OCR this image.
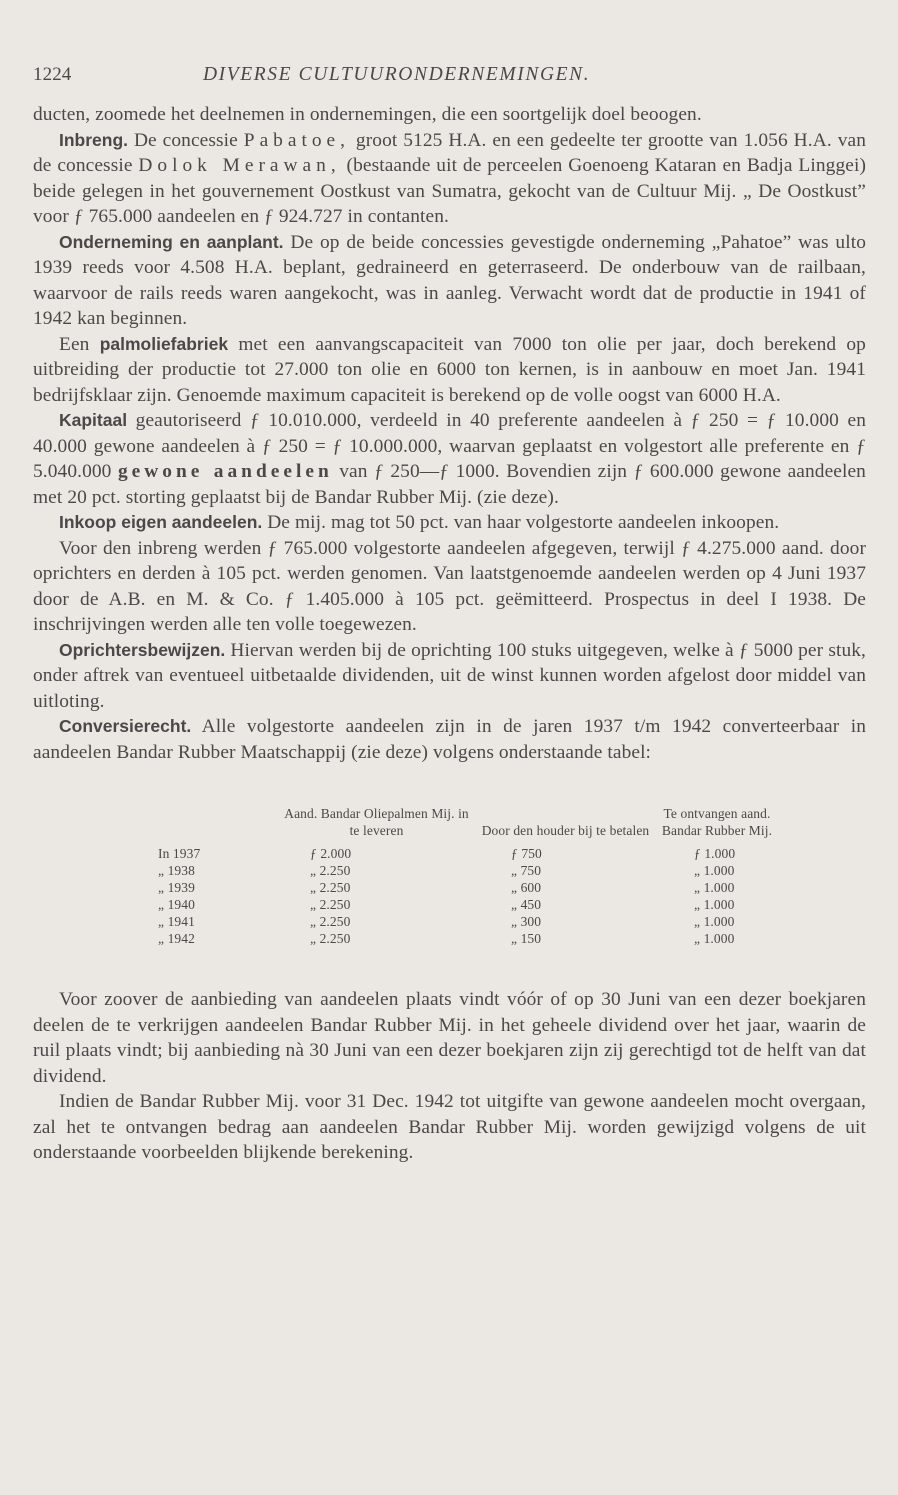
1224	DIVERSE CULTUURONDERNEMINGEN.

ducten, zoomede het deelnemen in ondernemingen, die een soortgelijk doel beoogen.

Inbreng. De concessie Pabatoe, groot 5125 H.A. en een gedeelte ter grootte van 1.056 H.A. van de concessie Dolok Merawan, (bestaande uit de perceelen Goenoeng Kataran en Badja Linggei) beide gelegen in het gouvernement Oostkust van Sumatra, gekocht van de Cultuur Mij. „ De Oostkust” voor ƒ 765.000 aandeelen en ƒ 924.727 in contanten.

Onderneming en aanplant. De op de beide concessies gevestigde onderneming „Pahatoe” was ulto 1939 reeds voor 4.508 H.A. beplant, gedraineerd en geterraseerd. De onderbouw van de railbaan, waarvoor de rails reeds waren aangekocht, was in aanleg. Verwacht wordt dat de productie in 1941 of 1942 kan beginnen.

Een palmoliefabriek met een aanvangscapaciteit van 7000 ton olie per jaar, doch berekend op uitbreiding der productie tot 27.000 ton olie en 6000 ton kernen, is in aanbouw en moet Jan. 1941 bedrijfsklaar zijn. Genoemde maximum capaciteit is berekend op de volle oogst van 6000 H.A.

Kapitaal geautoriseerd ƒ 10.010.000, verdeeld in 40 preferente aandeelen à ƒ 250 = ƒ 10.000 en 40.000 gewone aandeelen à ƒ 250 = ƒ 10.000.000, waarvan geplaatst en volgestort alle preferente en ƒ 5.040.000 gewone aandeelen van ƒ 250—ƒ 1000. Bovendien zijn ƒ 600.000 gewone aandeelen met 20 pct. storting geplaatst bij de Bandar Rubber Mij. (zie deze).

Inkoop eigen aandeelen. De mij. mag tot 50 pct. van haar volgestorte aandeelen inkoopen.

Voor den inbreng werden ƒ 765.000 volgestorte aandeelen afgegeven, terwijl ƒ 4.275.000 aand. door oprichters en derden à 105 pct. werden genomen. Van laatstgenoemde aandeelen werden op 4 Juni 1937 door de A.B. en M. & Co. ƒ 1.405.000 à 105 pct. geëmitteerd. Prospectus in deel I 1938. De inschrijvingen werden alle ten volle toegewezen.

Oprichtersbewijzen. Hiervan werden bij de oprichting 100 stuks uitgegeven, welke à ƒ 5000 per stuk, onder aftrek van eventueel uitbetaalde dividenden, uit de winst kunnen worden afgelost door middel van uitloting.

Conversierecht. Alle volgestorte aandeelen zijn in de jaren 1937 t/m 1942 converteerbaar in aandeelen Bandar Rubber Maatschappij (zie deze) volgens onderstaande tabel:

	Aand. Bandar Oliepalmen Mij. in te leveren	Door den houder bij te betalen	Te ontvangen aand. Bandar Rubber Mij.
In 1937	ƒ 2.000	ƒ 750	ƒ 1.000
„ 1938	„ 2.250	„ 750	„ 1.000
„ 1939	„ 2.250	„ 600	„ 1.000
„ 1940	„ 2.250	„ 450	„ 1.000
„ 1941	„ 2.250	„ 300	„ 1.000
„ 1942	„ 2.250	„ 150	„ 1.000

Voor zoover de aanbieding van aandeelen plaats vindt vóór of op 30 Juni van een dezer boekjaren deelen de te verkrijgen aandeelen Bandar Rubber Mij. in het geheele dividend over het jaar, waarin de ruil plaats vindt; bij aanbieding nà 30 Juni van een dezer boekjaren zijn zij gerechtigd tot de helft van dat dividend.

Indien de Bandar Rubber Mij. voor 31 Dec. 1942 tot uitgifte van gewone aandeelen mocht overgaan, zal het te ontvangen bedrag aan aandeelen Bandar Rubber Mij. worden gewijzigd volgens de uit onderstaande voorbeelden blijkende berekening.
